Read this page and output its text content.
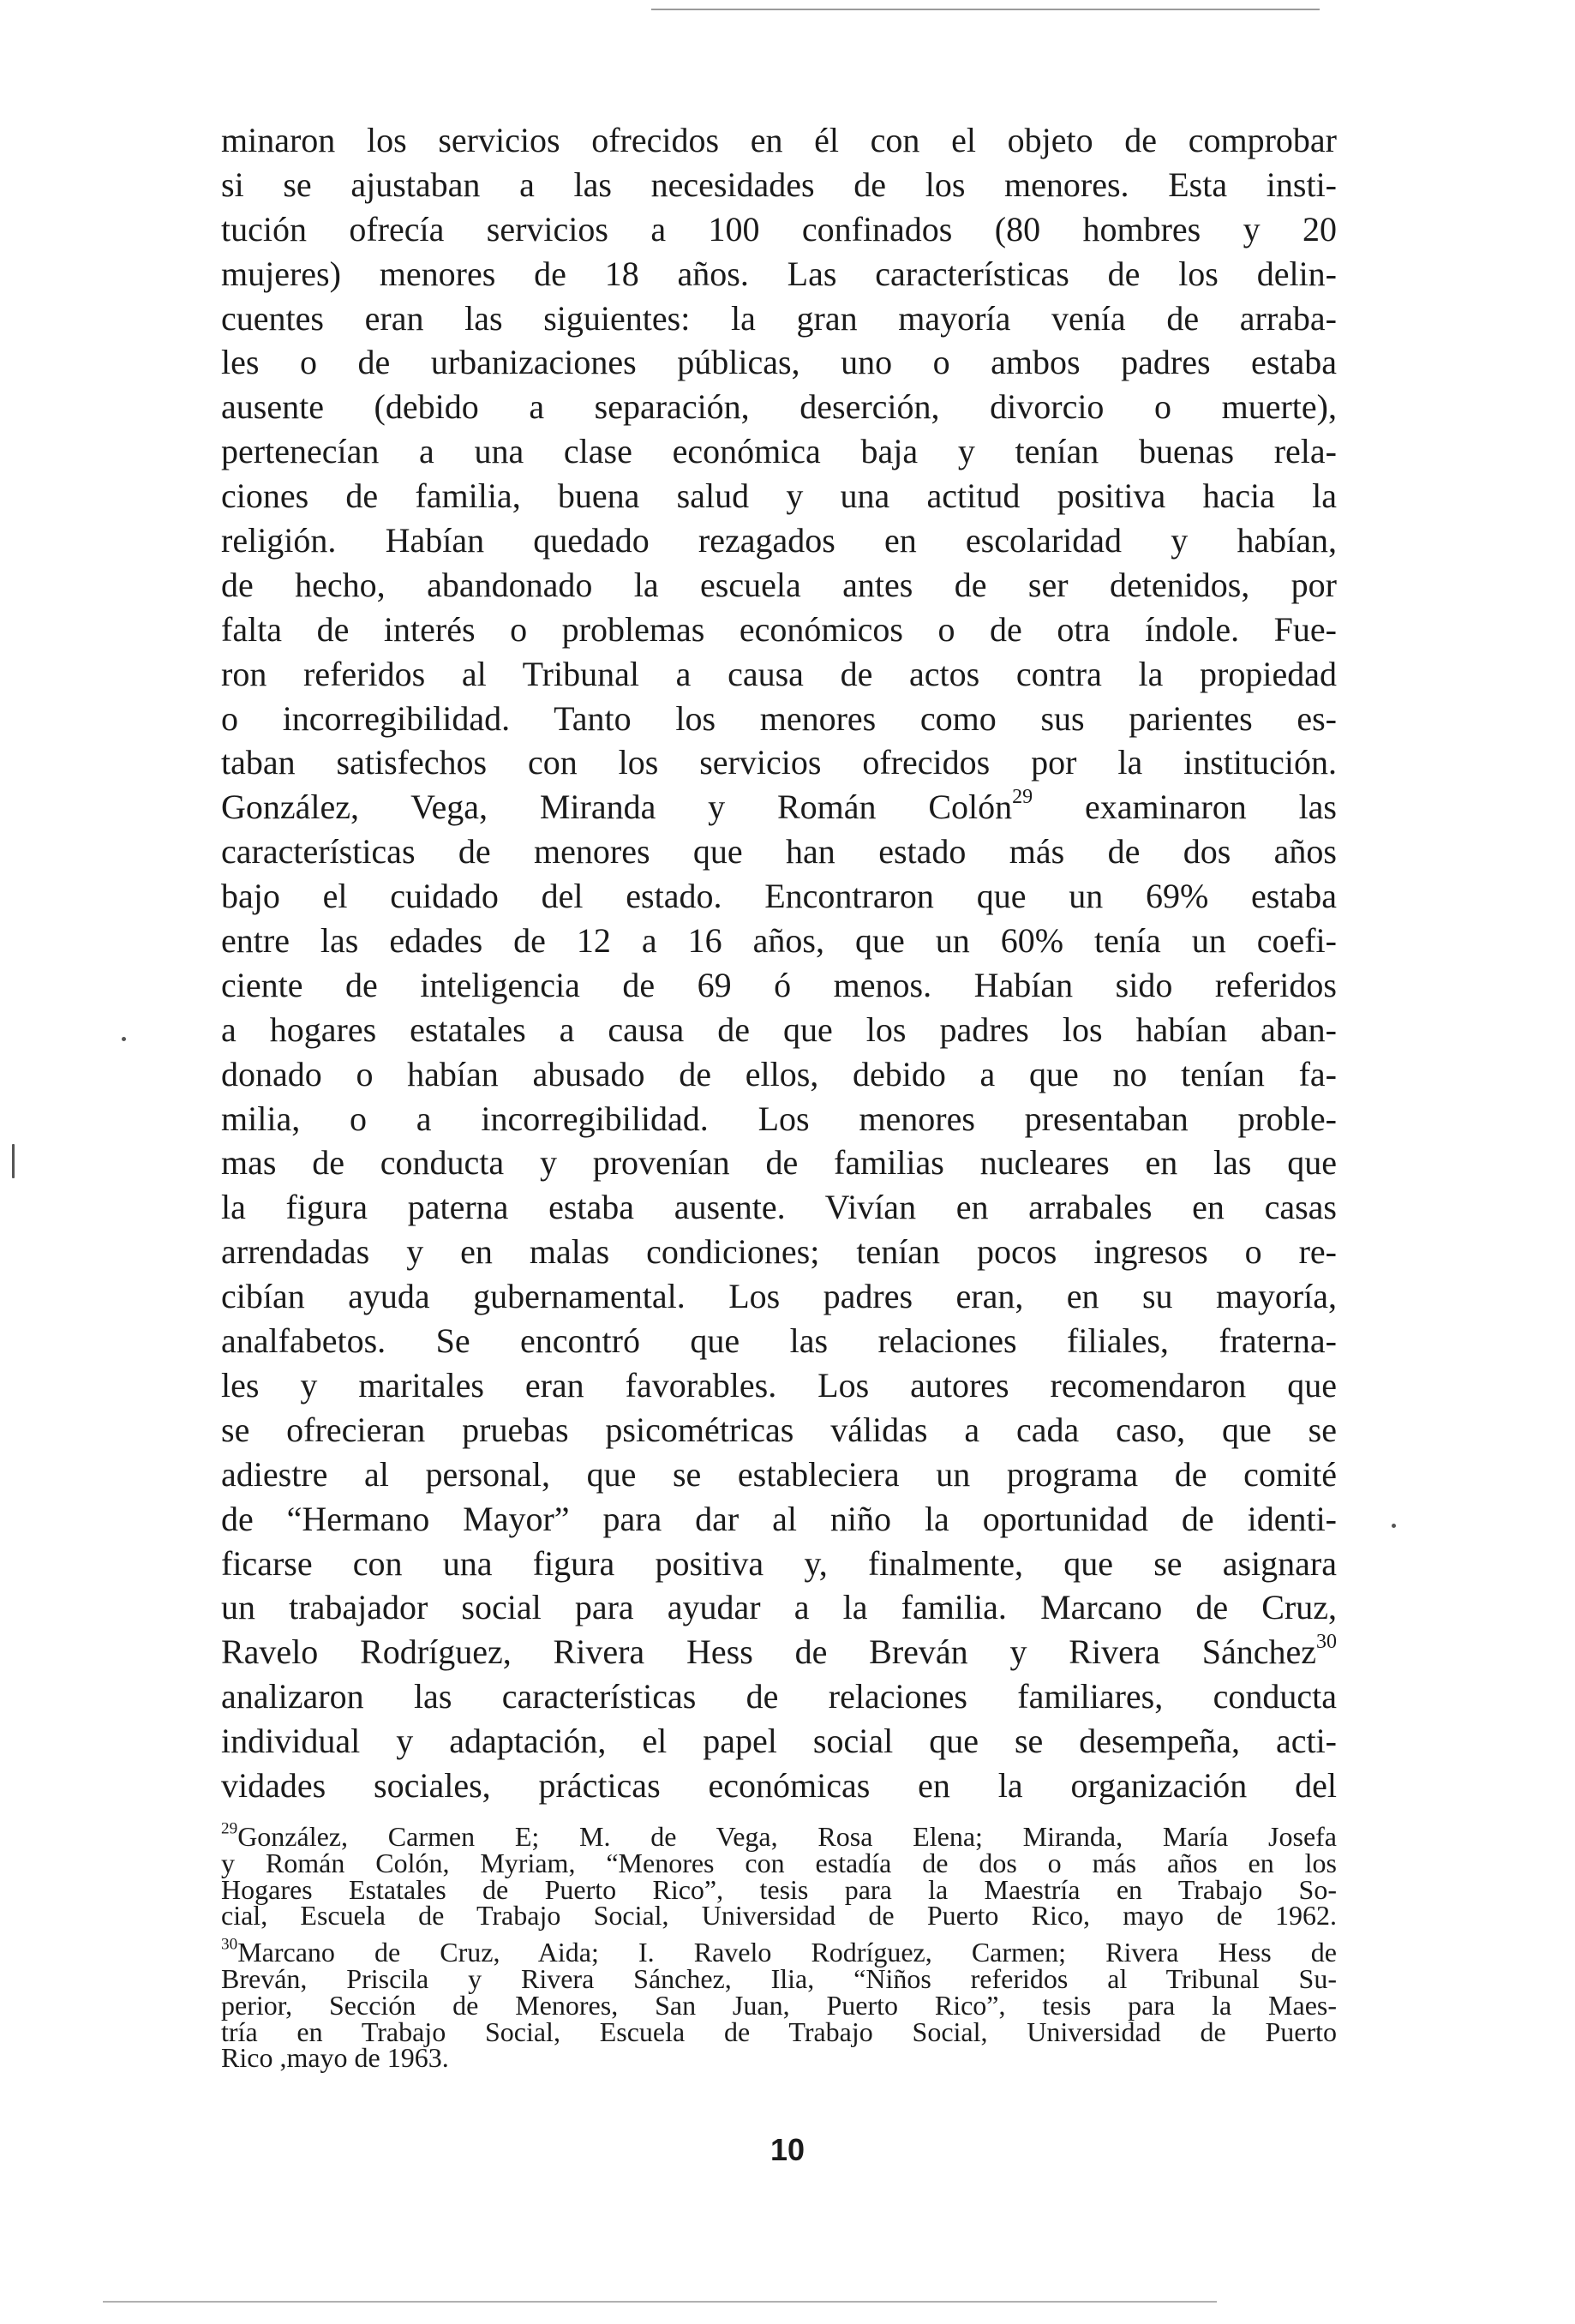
minaron los servicios ofrecidos en él con el objeto de comprobar
si se ajustaban a las necesidades de los menores. Esta insti-
tución ofrecía servicios a 100 confinados (80 hombres y 20
mujeres) menores de 18 años. Las características de los delin-
cuentes eran las siguientes: la gran mayoría venía de arraba-
les o de urbanizaciones públicas, uno o ambos padres estaba
ausente (debido a separación, deserción, divorcio o muerte),
pertenecían a una clase económica baja y tenían buenas rela-
ciones de familia, buena salud y una actitud positiva hacia la
religión. Habían quedado rezagados en escolaridad y habían,
de hecho, abandonado la escuela antes de ser detenidos, por
falta de interés o problemas económicos o de otra índole. Fue-
ron referidos al Tribunal a causa de actos contra la propiedad
o incorregibilidad. Tanto los menores como sus parientes es-
taban satisfechos con los servicios ofrecidos por la institución.
González, Vega, Miranda y Román Colón$^{29}$ examinaron las
características de menores que han estado más de dos años
bajo el cuidado del estado. Encontraron que un 69% estaba
entre las edades de 12 a 16 años, que un 60% tenía un coefi-
ciente de inteligencia de 69 ó menos. Habían sido referidos
a hogares estatales a causa de que los padres los habían aban-
donado o habían abusado de ellos, debido a que no tenían fa-
milia, o a incorregibilidad. Los menores presentaban proble-
mas de conducta y provenían de familias nucleares en las que
la figura paterna estaba ausente. Vivían en arrabales en casas
arrendadas y en malas condiciones; tenían pocos ingresos o re-
cibían ayuda gubernamental. Los padres eran, en su mayoría,
analfabetos. Se encontró que las relaciones filiales, fraterna-
les y maritales eran favorables. Los autores recomendaron que
se ofrecieran pruebas psicométricas válidas a cada caso, que se
adiestre al personal, que se estableciera un programa de comité
de “Hermano Mayor” para dar al niño la oportunidad de identi-
ficarse con una figura positiva y, finalmente, que se asignara
un trabajador social para ayudar a la familia. Marcano de Cruz,
Ravelo Rodríguez, Rivera Hess de Breván y Rivera Sánchez$^{30}$
analizaron las características de relaciones familiares, conducta
individual y adaptación, el papel social que se desempeña, acti-
vidades sociales, prácticas económicas en la organización del
$^{29}$González, Carmen E; M. de Vega, Rosa Elena; Miranda, María Josefa
y Román Colón, Myriam, “Menores con estadía de dos o más años en los
Hogares Estatales de Puerto Rico”, tesis para la Maestría en Trabajo So-
cial, Escuela de Trabajo Social, Universidad de Puerto Rico, mayo de 1962.
$^{30}$Marcano de Cruz, Aida; I. Ravelo Rodríguez, Carmen; Rivera Hess de
Breván, Priscila y Rivera Sánchez, Ilia, “Niños referidos al Tribunal Su-
perior, Sección de Menores, San Juan, Puerto Rico”, tesis para la Maes-
tría en Trabajo Social, Escuela de Trabajo Social, Universidad de Puerto
Rico ,mayo de 1963.
10
